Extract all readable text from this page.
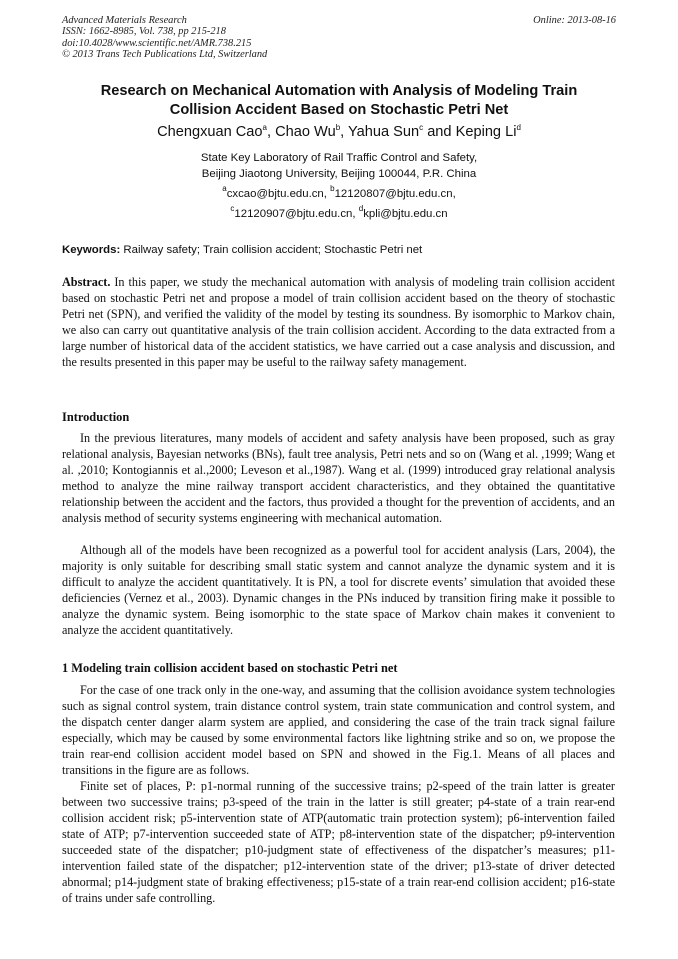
Advanced Materials Research
ISSN: 1662-8985, Vol. 738, pp 215-218
doi:10.4028/www.scientific.net/AMR.738.215
© 2013 Trans Tech Publications Ltd, Switzerland
Online: 2013-08-16
Research on Mechanical Automation with Analysis of Modeling Train
Collision Accident Based on Stochastic Petri Net
Chengxuan Cao$^a$, Chao Wu$^b$, Yahua Sun$^c$ and Keping Li$^d$
State Key Laboratory of Rail Traffic Control and Safety,
Beijing Jiaotong University, Beijing 100044, P.R. China
$^a$cxcao@bjtu.edu.cn, $^b$12120807@bjtu.edu.cn,
$^c$12120907@bjtu.edu.cn, $^d$kpli@bjtu.edu.cn
Keywords: Railway safety; Train collision accident; Stochastic Petri net

Abstract. In this paper, we study the mechanical automation with analysis of modeling train collision accident based on stochastic Petri net and propose a model of train collision accident based on the theory of stochastic Petri net (SPN), and verified the validity of the model by testing its soundness. By isomorphic to Markov chain, we also can carry out quantitative analysis of the train collision accident. According to the data extracted from a large number of historical data of the accident statistics, we have carried out a case analysis and discussion, and the results presented in this paper may be useful to the railway safety management.

Introduction

In the previous literatures, many models of accident and safety analysis have been proposed, such as gray relational analysis, Bayesian networks (BNs), fault tree analysis, Petri nets and so on (Wang et al. ,1999; Wang et al. ,2010; Kontogiannis et al.,2000; Leveson et al.,1987). Wang et al. (1999) introduced gray relational analysis method to analyze the mine railway transport accident characteristics, and they obtained the quantitative relationship between the accident and the factors, thus provided a thought for the prevention of accidents, and an analysis method of security systems engineering with mechanical automation.

Although all of the models have been recognized as a powerful tool for accident analysis (Lars, 2004), the majority is only suitable for describing small static system and cannot analyze the dynamic system and it is difficult to analyze the accident quantitatively. It is PN, a tool for discrete events’ simulation that avoided these deficiencies (Vernez et al., 2003). Dynamic changes in the PNs induced by transition firing make it possible to analyze the dynamic system. Being isomorphic to the state space of Markov chain makes it convenient to analyze the accident quantitatively.

1 Modeling train collision accident based on stochastic Petri net

For the case of one track only in the one-way, and assuming that the collision avoidance system technologies such as signal control system, train distance control system, train state communication and control system, and the dispatch center danger alarm system are applied, and considering the case of the train track signal failure especially, which may be caused by some environmental factors like lightning strike and so on, we propose the train rear-end collision accident model based on SPN and showed in the Fig.1. Means of all places and transitions in the figure are as follows.

Finite set of places, P: p1-normal running of the successive trains; p2-speed of the train latter is greater between two successive trains; p3-speed of the train in the latter is still greater; p4-state of a train rear-end collision accident risk; p5-intervention state of ATP(automatic train protection system); p6-intervention failed state of ATP; p7-intervention succeeded state of ATP; p8-intervention state of the dispatcher; p9-intervention succeeded state of the dispatcher; p10-judgment state of effectiveness of the dispatcher’s measures; p11-intervention failed state of the dispatcher; p12-intervention state of the driver; p13-state of driver detected abnormal; p14-judgment state of braking effectiveness; p15-state of a train rear-end collision accident; p16-state of trains under safe controlling.
